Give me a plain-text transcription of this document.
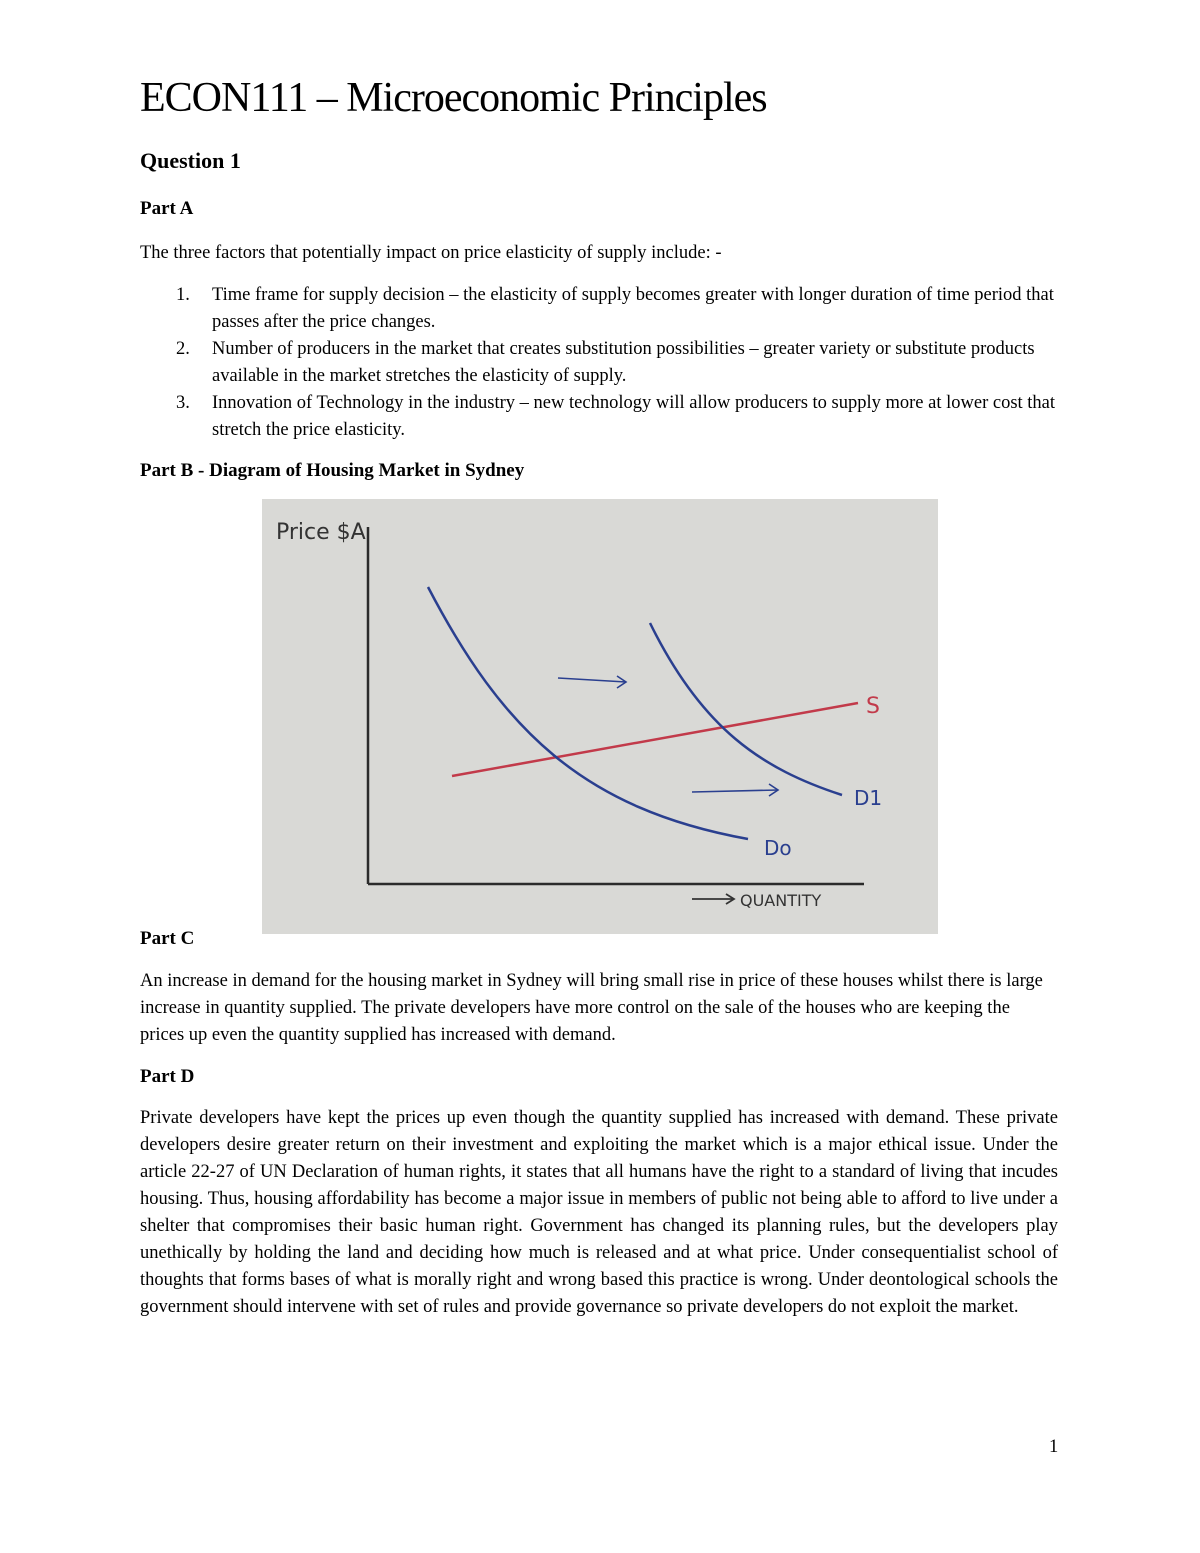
ECON111 – Microeconomic Principles
Question 1
Part A

The three factors that potentially impact on price elasticity of supply include: -

1. Time frame for supply decision – the elasticity of supply becomes greater with longer duration of time period that passes after the price changes.
2. Number of producers in the market that creates substitution possibilities – greater variety or substitute products available in the market stretches the elasticity of supply.
3. Innovation of Technology in the industry – new technology will allow producers to supply more at lower cost that stretch the price elasticity.
Part B - Diagram of Housing Market in Sydney
Price $A
QUANTITY
S
Do
D1
Part C

An increase in demand for the housing market in Sydney will bring small rise in price of these houses whilst there is large increase in quantity supplied. The private developers have more control on the sale of the houses who are keeping the prices up even the quantity supplied has increased with demand.

Part D

Private developers have kept the prices up even though the quantity supplied has increased with demand. These private developers desire greater return on their investment and exploiting the market which is a major ethical issue. Under the article 22-27 of UN Declaration of human rights, it states that all humans have the right to a standard of living that incudes housing. Thus, housing affordability has become a major issue in members of public not being able to afford to live under a shelter that compromises their basic human right. Government has changed its planning rules, but the developers play unethically by holding the land and deciding how much is released and at what price. Under consequentialist school of thoughts that forms bases of what is morally right and wrong based this practice is wrong. Under deontological schools the government should intervene with set of rules and provide governance so private developers do not exploit the market.

1
